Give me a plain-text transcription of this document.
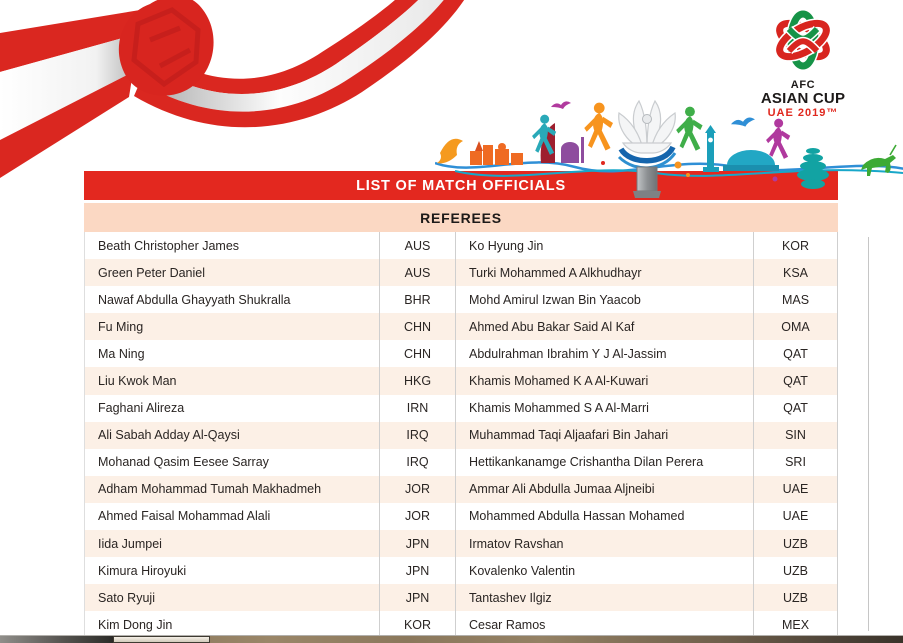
AFC
ASIAN CUP
UAE 2019™
LIST OF MATCH OFFICIALS
REFEREES
Beath Christopher James	AUS	Ko Hyung Jin	KOR
Green Peter Daniel	AUS	Turki Mohammed A Alkhudhayr	KSA
Nawaf Abdulla Ghayyath Shukralla	BHR	Mohd Amirul Izwan Bin Yaacob	MAS
Fu Ming	CHN	Ahmed Abu Bakar Said Al Kaf	OMA
Ma Ning	CHN	Abdulrahman Ibrahim Y J Al-Jassim	QAT
Liu Kwok Man	HKG	Khamis Mohamed K A Al-Kuwari	QAT
Faghani Alireza	IRN	Khamis Mohammed S A Al-Marri	QAT
Ali Sabah Adday Al-Qaysi	IRQ	Muhammad Taqi Aljaafari Bin Jahari	SIN
Mohanad Qasim Eesee Sarray	IRQ	Hettikankanamge Crishantha Dilan Perera	SRI
Adham Mohammad Tumah Makhadmeh	JOR	Ammar Ali Abdulla Jumaa Aljneibi	UAE
Ahmed Faisal Mohammad Alali	JOR	Mohammed Abdulla Hassan Mohamed	UAE
Iida Jumpei	JPN	Irmatov Ravshan	UZB
Kimura Hiroyuki	JPN	Kovalenko Valentin	UZB
Sato Ryuji	JPN	Tantashev Ilgiz	UZB
Kim Dong Jin	KOR	Cesar Ramos	MEX
